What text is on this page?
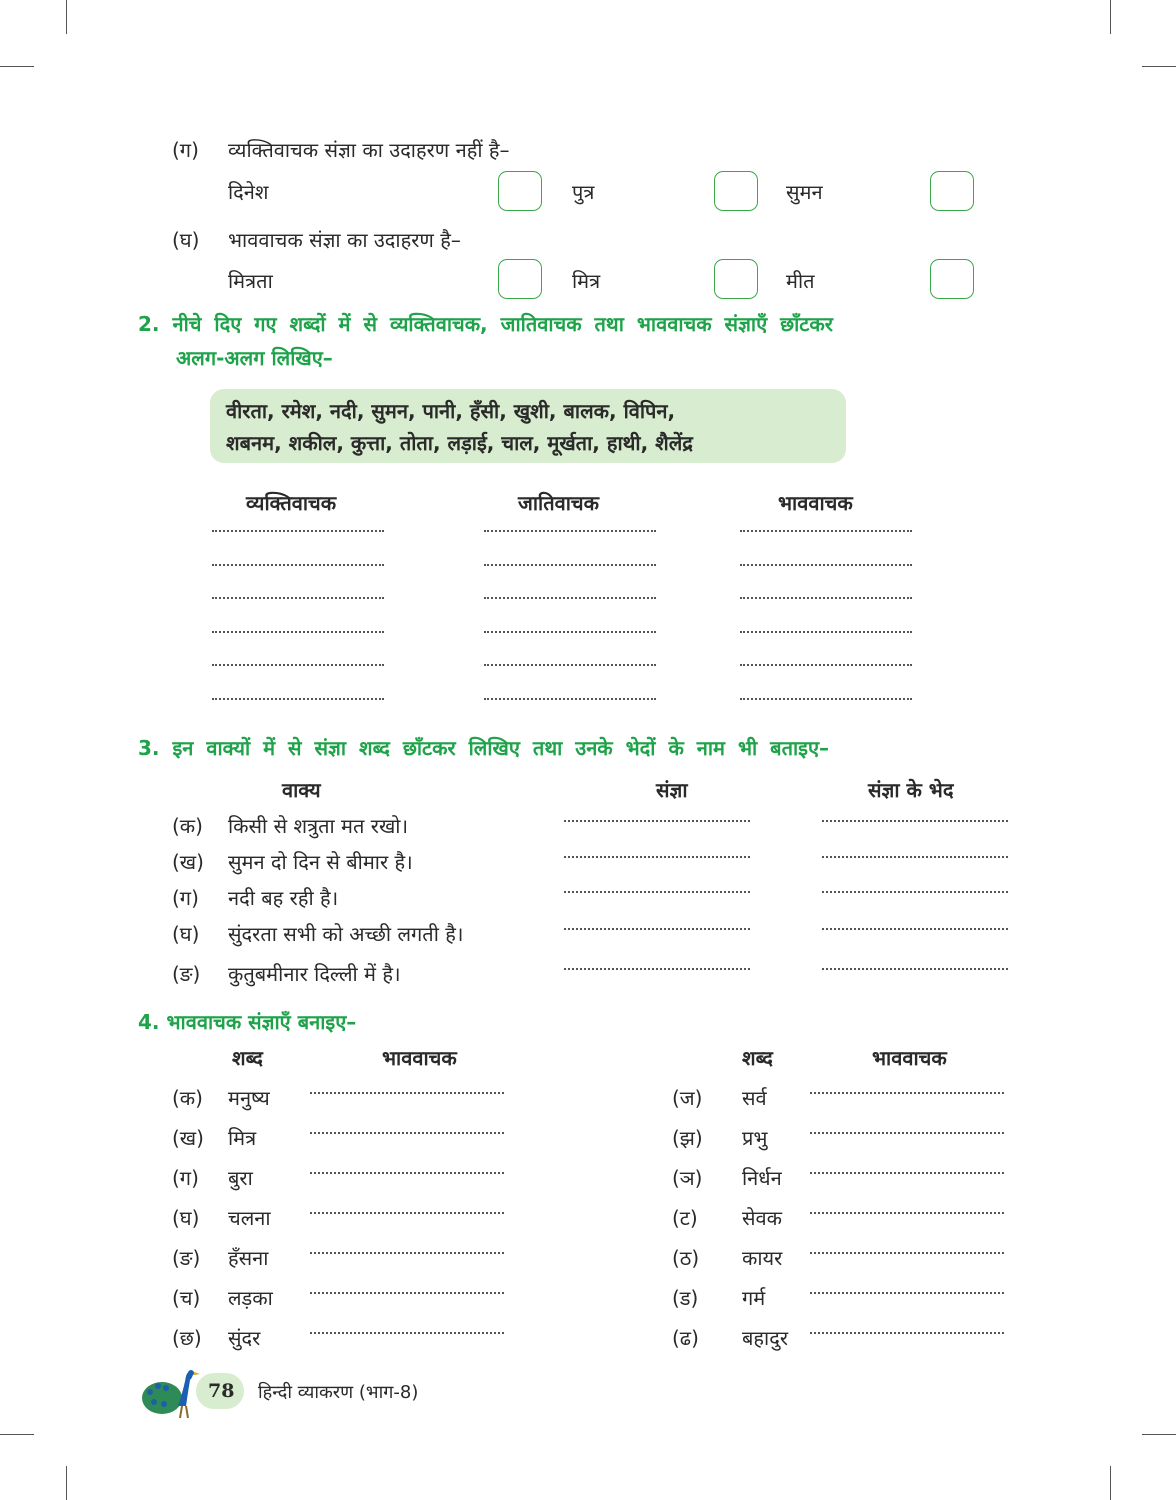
(ग) व्यक्तिवाचक संज्ञा का उदाहरण नहीं है–
दिनेश	पुत्र	सुमन
(घ) भाववाचक संज्ञा का उदाहरण है–
मित्रता	मित्र	मीत
2. नीचे दिए गए शब्दों में से व्यक्तिवाचक, जातिवाचक तथा भाववाचक संज्ञाएँ छाँटकर
अलग-अलग लिखिए–
वीरता, रमेश, नदी, सुमन, पानी, हँसी, खुशी, बालक, विपिन,
शबनम, शकील, कुत्ता, तोता, लड़ाई, चाल, मूर्खता, हाथी, शैलेंद्र
व्यक्तिवाचक	जातिवाचक	भाववाचक
3. इन वाक्यों में से संज्ञा शब्द छाँटकर लिखिए तथा उनके भेदों के नाम भी बताइए–
वाक्य	संज्ञा	संज्ञा के भेद
(क) किसी से शत्रुता मत रखो।
(ख) सुमन दो दिन से बीमार है।
(ग) नदी बह रही है।
(घ) सुंदरता सभी को अच्छी लगती है।
(ङ) कुतुबमीनार दिल्ली में है।
4. भाववाचक संज्ञाएँ बनाइए–
शब्द	भाववाचक	शब्द	भाववाचक
(क) मनुष्य
(ख) मित्र
(ग) बुरा
(घ) चलना
(ङ) हँसना
(च) लड़का
(छ) सुंदर
(ज) सर्व
(झ) प्रभु
(ञ) निर्धन
(ट) सेवक
(ठ) कायर
(ड) गर्म
(ढ) बहादुर
78 हिन्दी व्याकरण (भाग-8)
